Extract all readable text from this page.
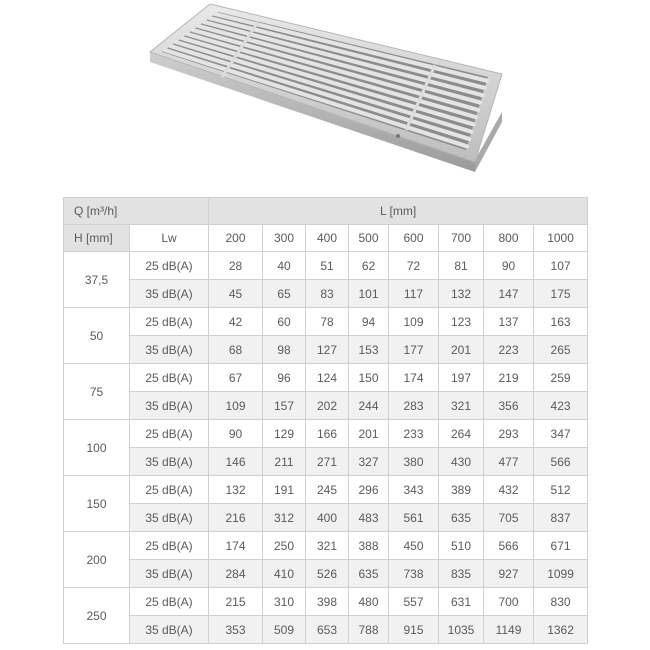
Q [m³/h]		L [mm]							
H [mm]	Lw	200	300	400	500	600	700	800	1000
37,5	25 dB(A)	28	40	51	62	72	81	90	107
	35 dB(A)	45	65	83	101	117	132	147	175
50	25 dB(A)	42	60	78	94	109	123	137	163
	35 dB(A)	68	98	127	153	177	201	223	265
75	25 dB(A)	67	96	124	150	174	197	219	259
	35 dB(A)	109	157	202	244	283	321	356	423
100	25 dB(A)	90	129	166	201	233	264	293	347
	35 dB(A)	146	211	271	327	380	430	477	566
150	25 dB(A)	132	191	245	296	343	389	432	512
	35 dB(A)	216	312	400	483	561	635	705	837
200	25 dB(A)	174	250	321	388	450	510	566	671
	35 dB(A)	284	410	526	635	738	835	927	1099
250	25 dB(A)	215	310	398	480	557	631	700	830
	35 dB(A)	353	509	653	788	915	1035	1149	1362
